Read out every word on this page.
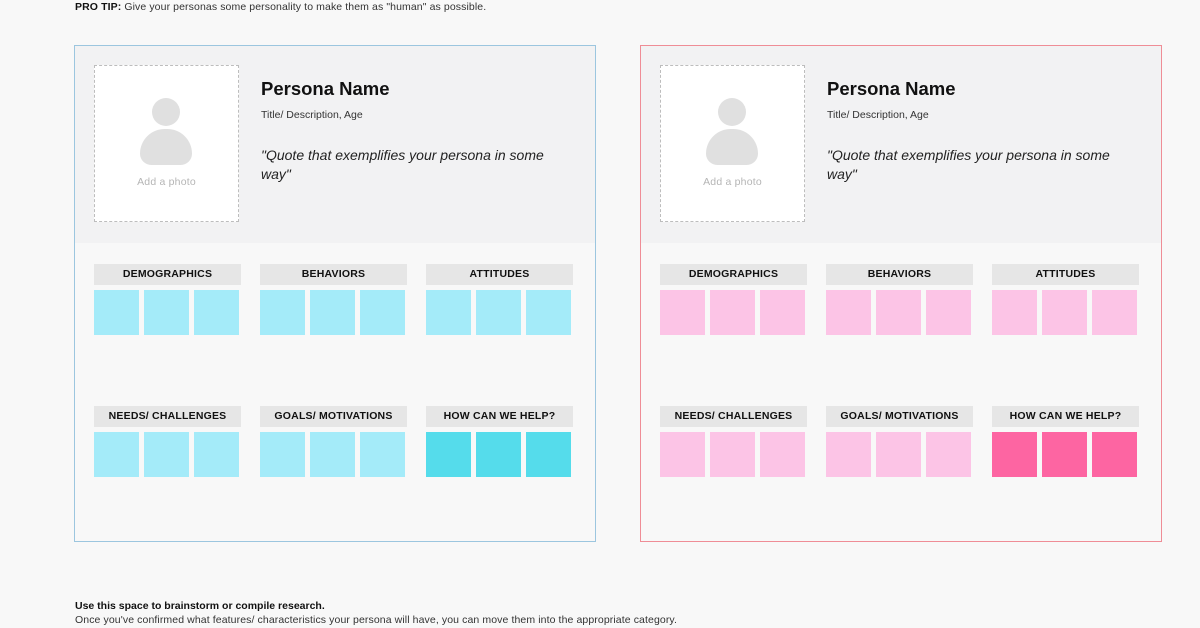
PRO TIP: Give your personas some personality to make them as "human" as possible.
Add a photo
Persona Name
Title/ Description, Age
"Quote that exemplifies your persona in some way"
DEMOGRAPHICS	BEHAVIORS	ATTITUDES
NEEDS/ CHALLENGES	GOALS/ MOTIVATIONS	HOW CAN WE HELP?
Add a photo
Persona Name
Title/ Description, Age
"Quote that exemplifies your persona in some way"
DEMOGRAPHICS	BEHAVIORS	ATTITUDES
NEEDS/ CHALLENGES	GOALS/ MOTIVATIONS	HOW CAN WE HELP?
Use this space to brainstorm or compile research.
Once you've confirmed what features/ characteristics your persona will have, you can move them into the appropriate category.
